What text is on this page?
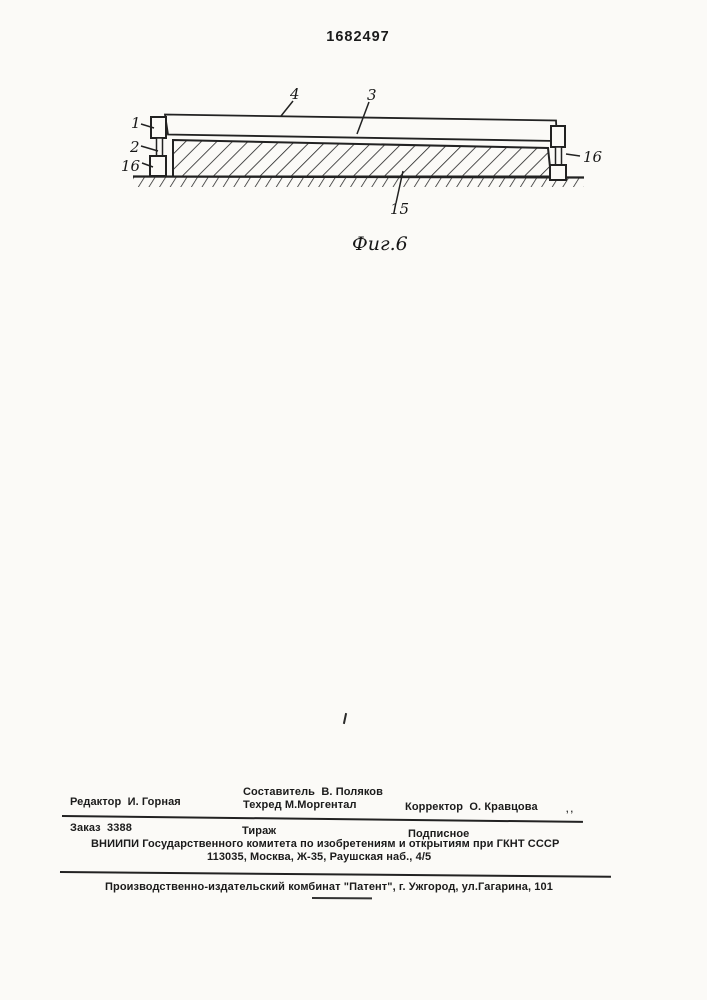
1682497
1
2
16
4	3
16
15
Фиг.6
Составитель  В. Поляков
Редактор  И. Горная	Техред М.Моргентал	Корректор  О. Кравцова	,,
Заказ  3388	Тираж	Подписное
ВНИИПИ Государственного комитета по изобретениям и открытиям при ГКНТ СССР
113035, Москва, Ж-35, Раушская наб., 4/5
Производственно-издательский комбинат "Патент", г. Ужгород, ул.Гагарина, 101
